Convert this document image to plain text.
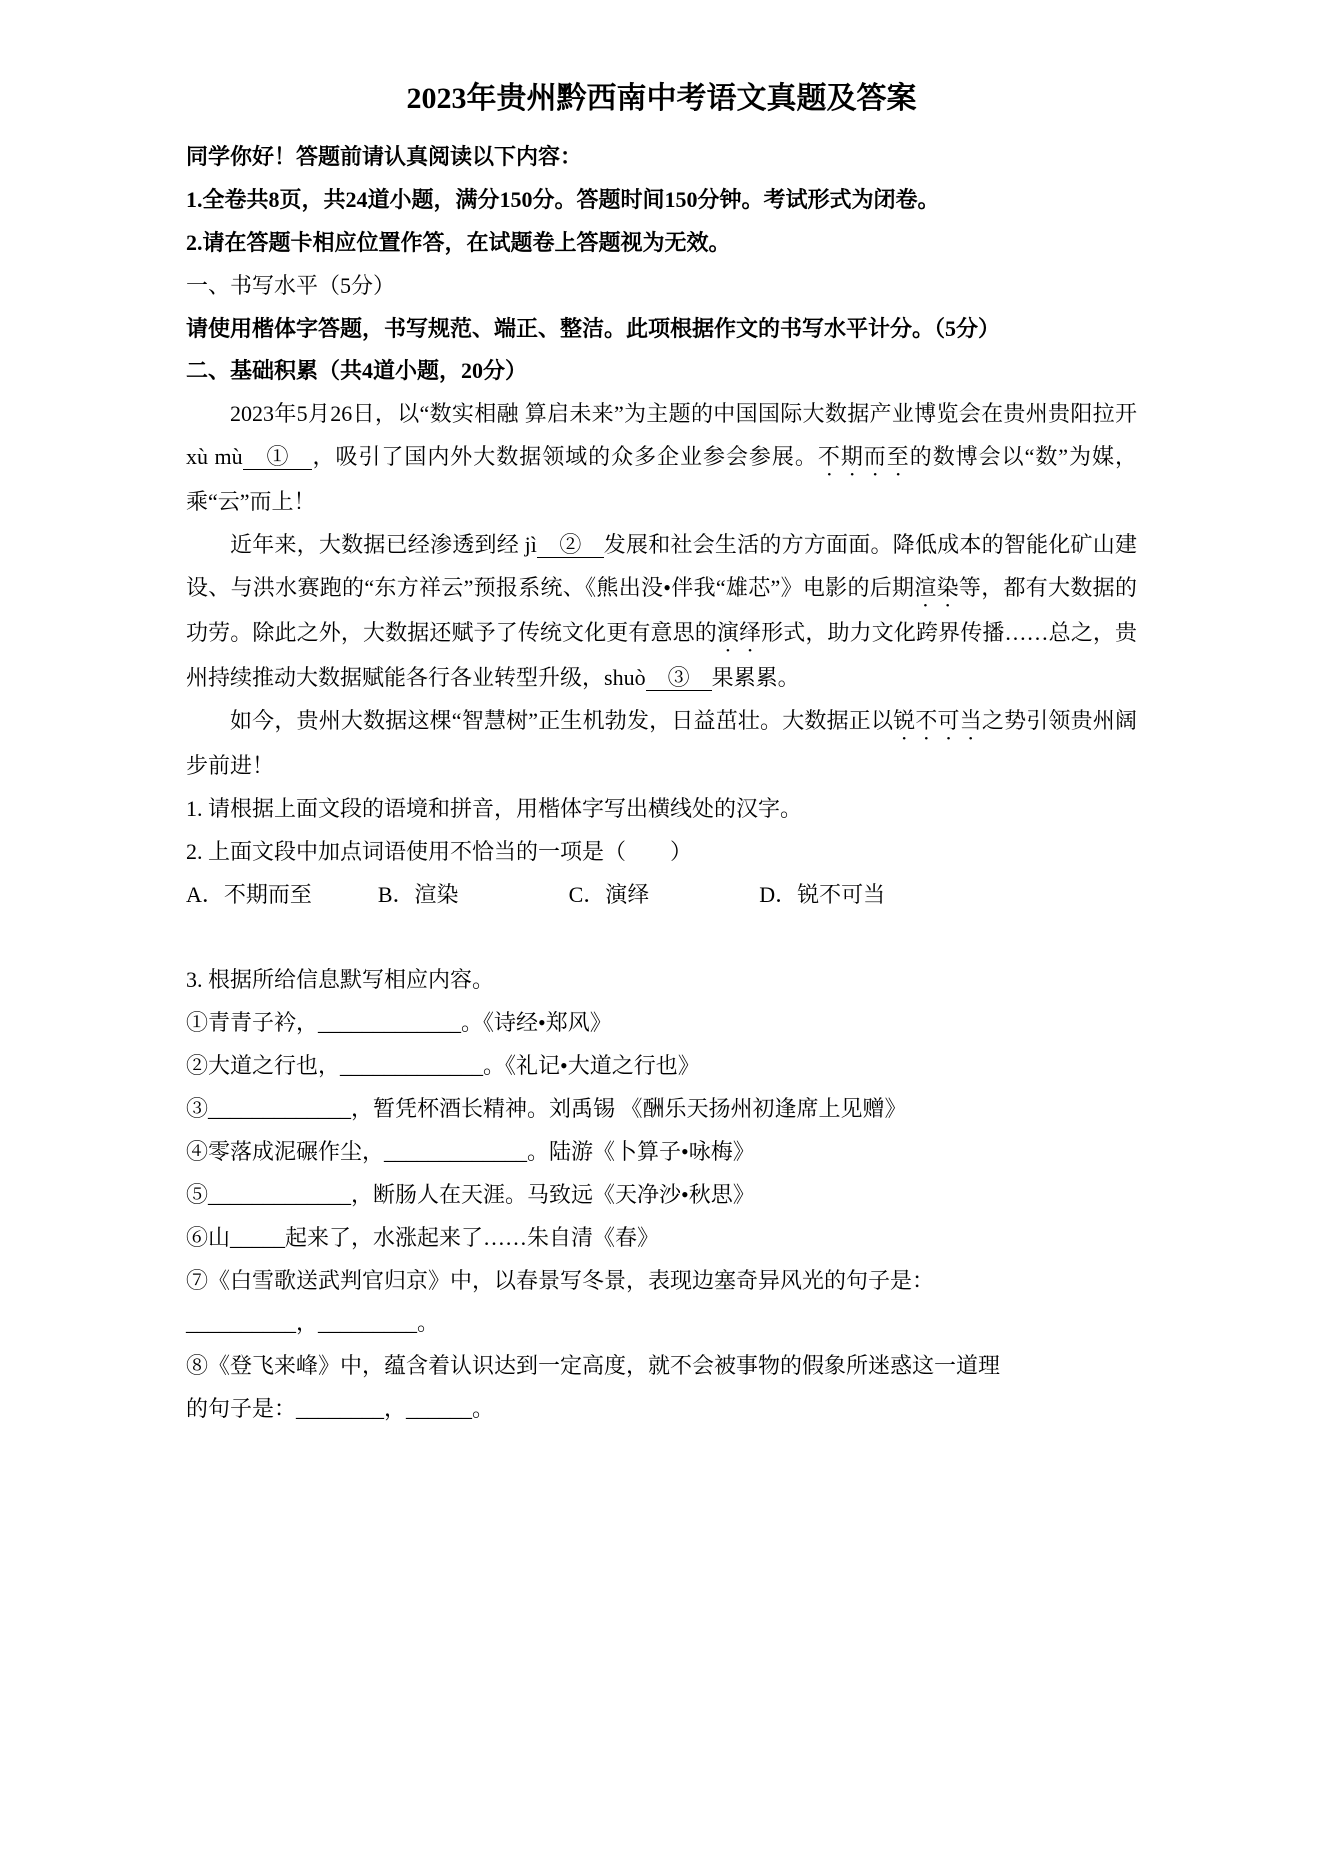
2023年贵州黔西南中考语文真题及答案

同学你好！答题前请认真阅读以下内容：

1.全卷共8页，共24道小题，满分150分。答题时间150分钟。考试形式为闭卷。

2.请在答题卡相应位置作答，在试题卷上答题视为无效。

一、书写水平（5分）

请使用楷体字答题，书写规范、端正、整洁。此项根据作文的书写水平计分。（5分）

二、基础积累（共4道小题，20分）

2023年5月26日，以“数实相融 算启未来”为主题的中国国际大数据产业博览会在贵州贵阳拉开 xù mù　①　，吸引了国内外大数据领域的众多企业参会参展。不期而至的数博会以“数”为媒，乘“云”而上！

近年来，大数据已经渗透到经 jì　②　发展和社会生活的方方面面。降低成本的智能化矿山建设、与洪水赛跑的“东方祥云”预报系统、《熊出没•伴我“雄芯”》电影的后期渲染等，都有大数据的功劳。除此之外，大数据还赋予了传统文化更有意思的演绎形式，助力文化跨界传播……总之，贵州持续推动大数据赋能各行各业转型升级，shuò　③　果累累。

如今，贵州大数据这棵“智慧树”正生机勃发，日益茁壮。大数据正以锐不可当之势引领贵州阔步前进！

1. 请根据上面文段的语境和拼音，用楷体字写出横线处的汉字。

2. 上面文段中加点词语使用不恰当的一项是（　　）

A．不期而至　　　B．渲染　　　　　C．演绎　　　　　D．锐不可当

3. 根据所给信息默写相应内容。

①青青子衿，_____________。《诗经•郑风》

②大道之行也，_____________。《礼记•大道之行也》

③_____________，暂凭杯酒长精神。刘禹锡 《酬乐天扬州初逢席上见赠》

④零落成泥碾作尘，_____________。陆游《卜算子•咏梅》

⑤_____________，断肠人在天涯。马致远《天净沙•秋思》

⑥山_____起来了，水涨起来了……朱自清《春》

⑦《白雪歌送武判官归京》中，以春景写冬景，表现边塞奇异风光的句子是：

__________，_________。

⑧《登飞来峰》中，蕴含着认识达到一定高度，就不会被事物的假象所迷惑这一道理

的句子是：________，______。
